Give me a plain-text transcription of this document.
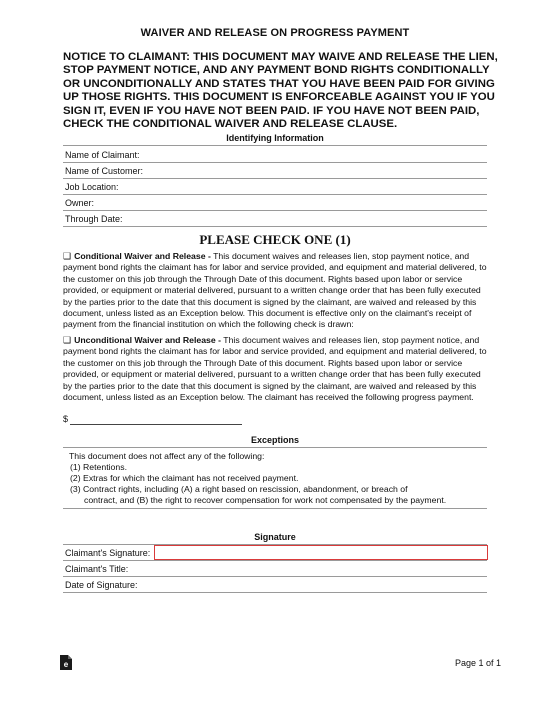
WAIVER AND RELEASE ON PROGRESS PAYMENT
NOTICE TO CLAIMANT: THIS DOCUMENT MAY WAIVE AND RELEASE THE LIEN, STOP PAYMENT NOTICE, AND ANY PAYMENT BOND RIGHTS CONDITIONALLY OR UNCONDITIONALLY AND STATES THAT YOU HAVE BEEN PAID FOR GIVING UP THOSE RIGHTS. THIS DOCUMENT IS ENFORCEABLE AGAINST YOU IF YOU SIGN IT, EVEN IF YOU HAVE NOT BEEN PAID. IF YOU HAVE NOT BEEN PAID, CHECK THE CONDITIONAL WAIVER AND RELEASE CLAUSE.
Identifying Information
Name of Claimant:
Name of Customer:
Job Location:
Owner:
Through Date:
PLEASE CHECK ONE (1)
❑ Conditional Waiver and Release - This document waives and releases lien, stop payment notice, and payment bond rights the claimant has for labor and service provided, and equipment and material delivered, to the customer on this job through the Through Date of this document. Rights based upon labor or service provided, or equipment or material delivered, pursuant to a written change order that has been fully executed by the parties prior to the date that this document is signed by the claimant, are waived and released by this document, unless listed as an Exception below. This document is effective only on the claimant's receipt of payment from the financial institution on which the following check is drawn:
❑ Unconditional Waiver and Release - This document waives and releases lien, stop payment notice, and payment bond rights the claimant has for labor and service provided, and equipment and material delivered, to the customer on this job through the Through Date of this document. Rights based upon labor or service provided, or equipment or material delivered, pursuant to a written change order that has been fully executed by the parties prior to the date that this document is signed by the claimant, are waived and released by this document, unless listed as an Exception below. The claimant has received the following progress payment.
$
Exceptions
This document does not affect any of the following:
(1) Retentions.
(2) Extras for which the claimant has not received payment.
(3) Contract rights, including (A) a right based on rescission, abandonment, or breach of
contract, and (B) the right to recover compensation for work not compensated by the payment.
Signature
Claimant's Signature:
Claimant's Title:
Date of Signature:
e	Page 1 of 1
